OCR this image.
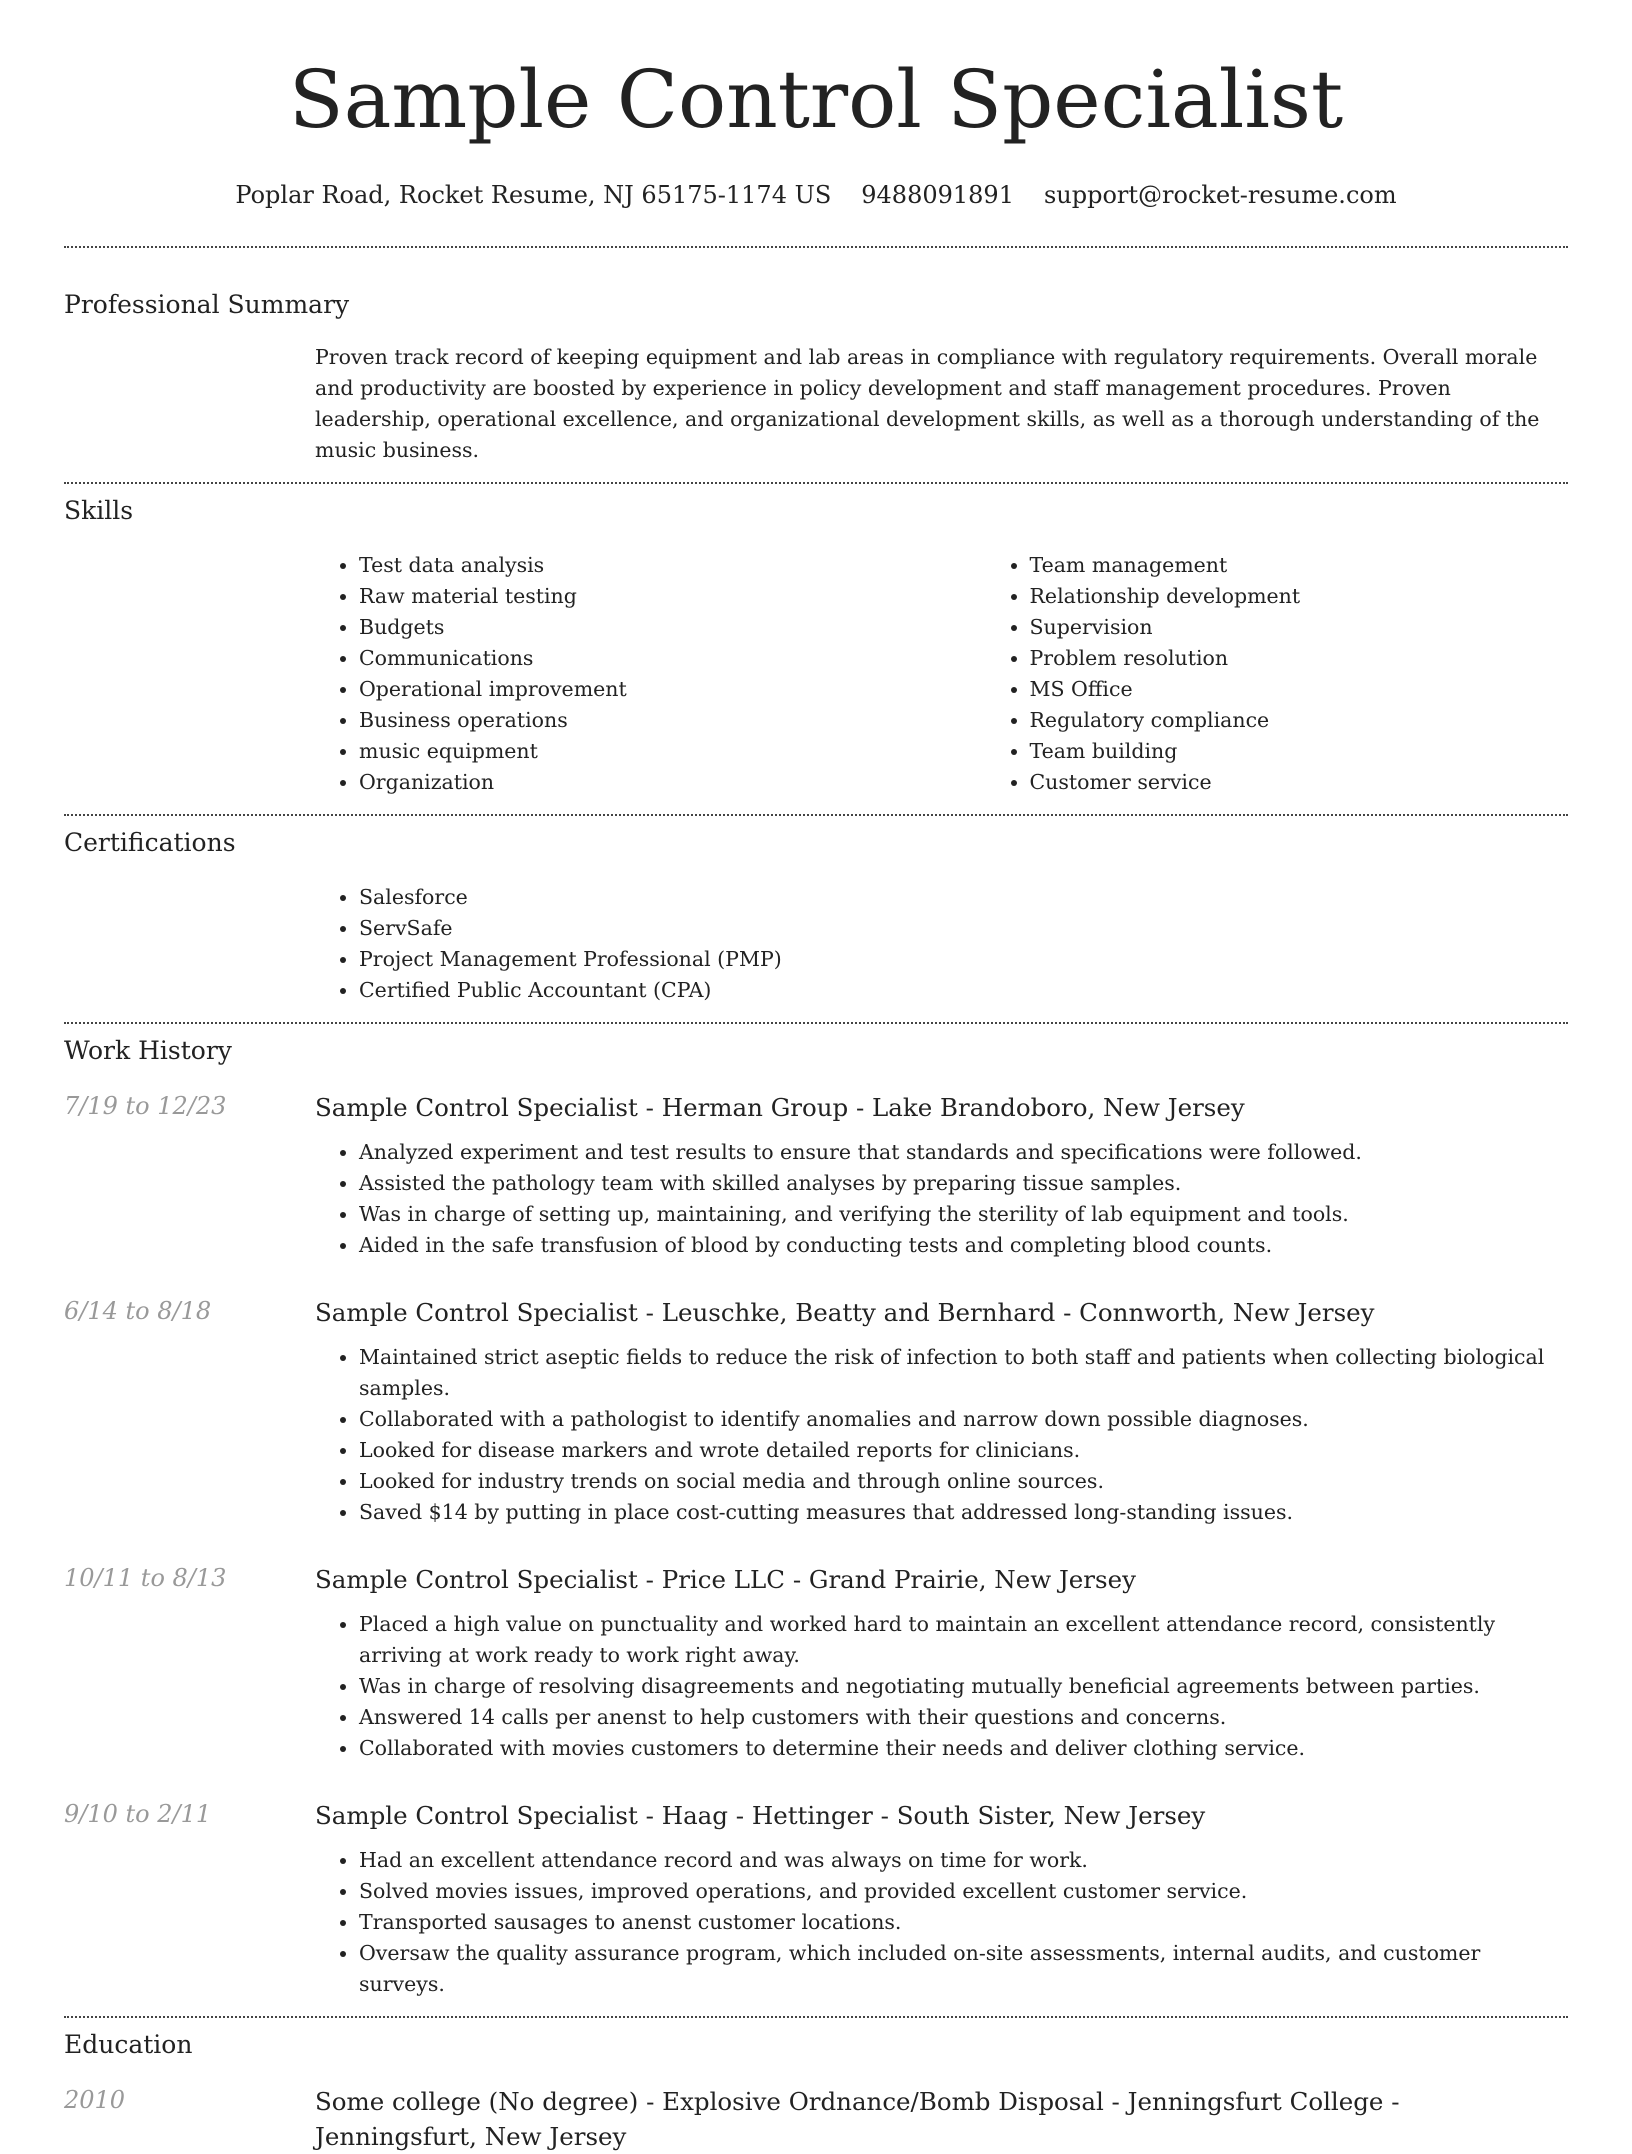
Sample Control Specialist
Poplar Road, Rocket Resume, NJ 65175-1174 US 9488091891 support@rocket-resume.com
Professional Summary

Proven track record of keeping equipment and lab areas in compliance with regulatory requirements. Overall morale and productivity are boosted by experience in policy development and staff management procedures. Proven leadership, operational excellence, and organizational development skills, as well as a thorough understanding of the music business.

Skills
• Test data analysis
• Raw material testing
• Budgets
• Communications
• Operational improvement
• Business operations
• music equipment
• Organization
• Team management
• Relationship development
• Supervision
• Problem resolution
• MS Office
• Regulatory compliance
• Team building
• Customer service
Certifications
• Salesforce
• ServSafe
• Project Management Professional (PMP)
• Certified Public Accountant (CPA)
Work History
7/19 to 12/23	Sample Control Specialist - Herman Group - Lake Brandoboro, New Jersey
• Analyzed experiment and test results to ensure that standards and specifications were followed.
• Assisted the pathology team with skilled analyses by preparing tissue samples.
• Was in charge of setting up, maintaining, and verifying the sterility of lab equipment and tools.
• Aided in the safe transfusion of blood by conducting tests and completing blood counts.
6/14 to 8/18	Sample Control Specialist - Leuschke, Beatty and Bernhard - Connworth, New Jersey
• Maintained strict aseptic fields to reduce the risk of infection to both staff and patients when collecting biological samples.
• Collaborated with a pathologist to identify anomalies and narrow down possible diagnoses.
• Looked for disease markers and wrote detailed reports for clinicians.
• Looked for industry trends on social media and through online sources.
• Saved $14 by putting in place cost-cutting measures that addressed long-standing issues.
10/11 to 8/13	Sample Control Specialist - Price LLC - Grand Prairie, New Jersey
• Placed a high value on punctuality and worked hard to maintain an excellent attendance record, consistently arriving at work ready to work right away.
• Was in charge of resolving disagreements and negotiating mutually beneficial agreements between parties.
• Answered 14 calls per anenst to help customers with their questions and concerns.
• Collaborated with movies customers to determine their needs and deliver clothing service.
9/10 to 2/11	Sample Control Specialist - Haag - Hettinger - South Sister, New Jersey
• Had an excellent attendance record and was always on time for work.
• Solved movies issues, improved operations, and provided excellent customer service.
• Transported sausages to anenst customer locations.
• Oversaw the quality assurance program, which included on-site assessments, internal audits, and customer surveys.
Education
2010	Some college (No degree) - Explosive Ordnance/Bomb Disposal - Jenningsfurt College - Jenningsfurt, New Jersey
